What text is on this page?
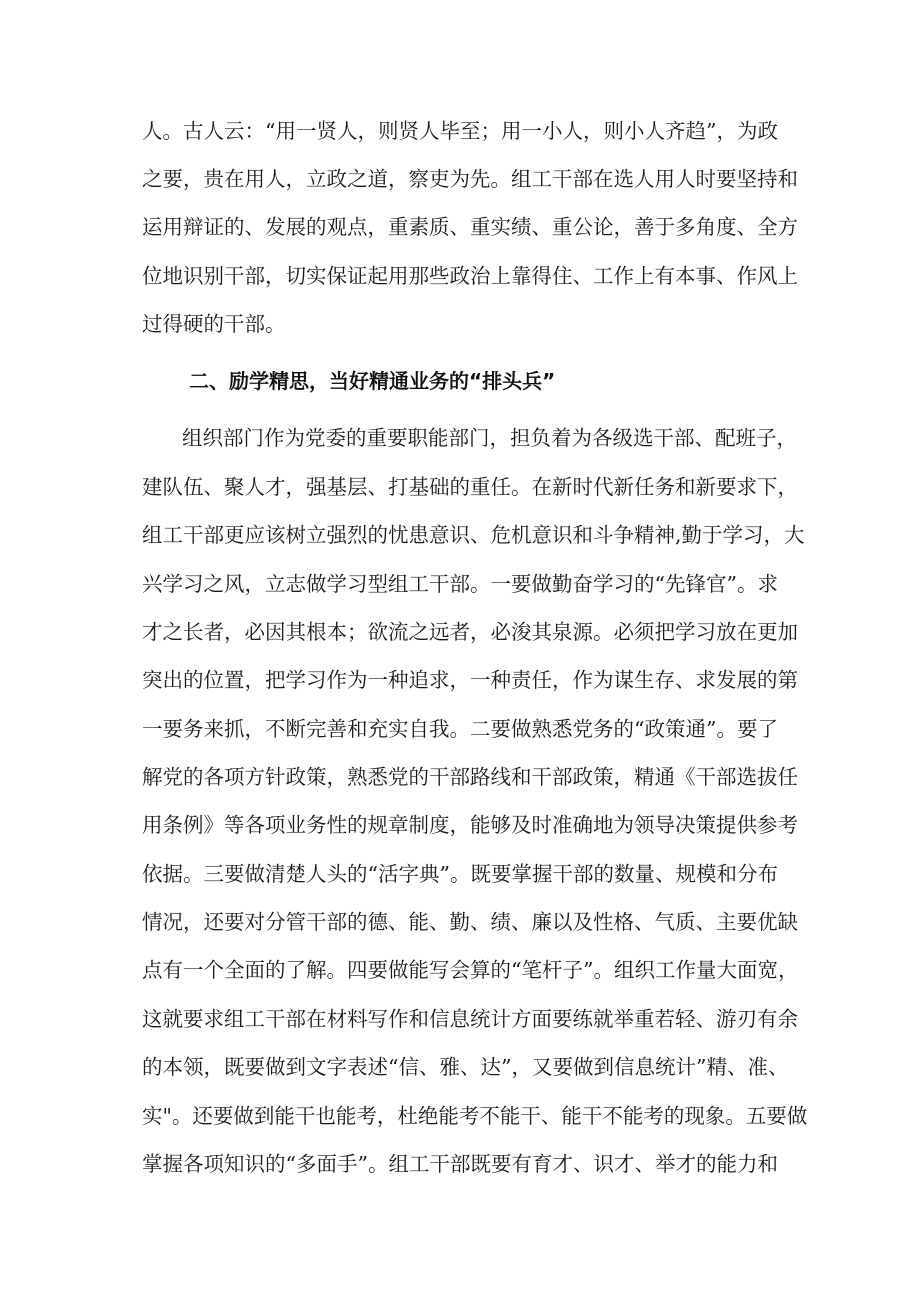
人。古人云：“用一贤人，则贤人毕至；用一小人，则小人齐趋”，为政
之要，贵在用人，立政之道，察吏为先。组工干部在选人用人时要坚持和
运用辩证的、发展的观点，重素质、重实绩、重公论，善于多角度、全方
位地识别干部，切实保证起用那些政治上靠得住、工作上有本事、作风上
过得硬的干部。
二、励学精思，当好精通业务的“排头兵”
组织部门作为党委的重要职能部门，担负着为各级选干部、配班子，
建队伍、聚人才，强基层、打基础的重任。在新时代新任务和新要求下，
组工干部更应该树立强烈的忧患意识、危机意识和斗争精神,勤于学习，大
兴学习之风，立志做学习型组工干部。一要做勤奋学习的“先锋官”。求
才之长者，必因其根本；欲流之远者，必浚其泉源。必须把学习放在更加
突出的位置，把学习作为一种追求，一种责任，作为谋生存、求发展的第
一要务来抓，不断完善和充实自我。二要做熟悉党务的“政策通”。要了
解党的各项方针政策，熟悉党的干部路线和干部政策，精通《干部选拔任
用条例》等各项业务性的规章制度，能够及时准确地为领导决策提供参考
依据。三要做清楚人头的“活字典”。既要掌握干部的数量、规模和分布
情况，还要对分管干部的德、能、勤、绩、廉以及性格、气质、主要优缺
点有一个全面的了解。四要做能写会算的“笔杆子”。组织工作量大面宽，
这就要求组工干部在材料写作和信息统计方面要练就举重若轻、游刃有余
的本领，既要做到文字表述“信、雅、达”，又要做到信息统计”精、准、
实"。还要做到能干也能考，杜绝能考不能干、能干不能考的现象。五要做
掌握各项知识的“多面手”。组工干部既要有育才、识才、举才的能力和
